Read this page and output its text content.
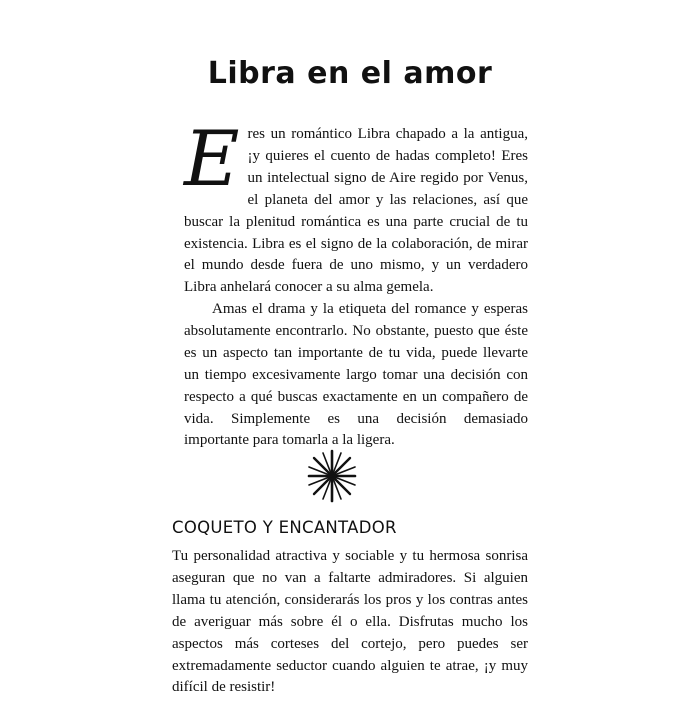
Libra en el amor

Eres un romántico Libra chapado a la antigua, ¡y quieres el cuento de hadas completo! Eres un intelectual signo de Aire regido por Venus, el planeta del amor y las relaciones, así que buscar la plenitud romántica es una parte crucial de tu existencia. Libra es el signo de la colaboración, de mirar el mundo desde fuera de uno mismo, y un verdadero Libra anhelará conocer a su alma gemela.

Amas el drama y la etiqueta del romance y esperas absolutamente encontrarlo. No obstante, puesto que éste es un aspecto tan importante de tu vida, puede llevarte un tiempo excesivamente largo tomar una decisión con respecto a qué buscas exactamente en un compañero de vida. Simplemente es una decisión demasiado importante para tomarla a la ligera.

COQUETO Y ENCANTADOR

Tu personalidad atractiva y sociable y tu hermosa sonrisa aseguran que no van a faltarte admiradores. Si alguien llama tu atención, considerarás los pros y los contras antes de averiguar más sobre él o ella. Disfrutas mucho los aspectos más corteses del cortejo, pero puedes ser extremadamente seductor cuando alguien te atrae, ¡y muy difícil de resistir!
